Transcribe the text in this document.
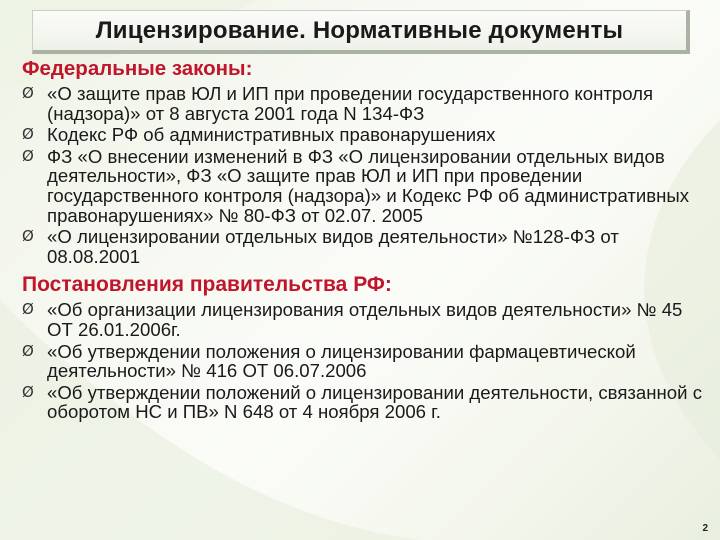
Лицензирование. Нормативные документы
Федеральные законы:
Ø «О защите прав ЮЛ и ИП при проведении государственного контроля (надзора)» от 8 августа 2001 года N 134-ФЗ
Ø Кодекс РФ об административных правонарушениях
Ø ФЗ «О внесении изменений в ФЗ «О лицензировании отдельных видов деятельности», ФЗ «О защите прав ЮЛ и ИП при проведении государственного контроля (надзора)» и Кодекс РФ об административных правонарушениях» № 80-ФЗ от 02.07. 2005
Ø «О лицензировании отдельных видов деятельности» №128-ФЗ от 08.08.2001
Постановления правительства РФ:
Ø «Об организации лицензирования отдельных видов деятельности» № 45 ОТ 26.01.2006г.
Ø «Об утверждении положения о лицензировании фармацевтической деятельности» № 416 ОТ 06.07.2006
Ø «Об утверждении положений о лицензировании деятельности, связанной с оборотом НС и ПВ» N 648 от 4 ноября 2006 г.
2
